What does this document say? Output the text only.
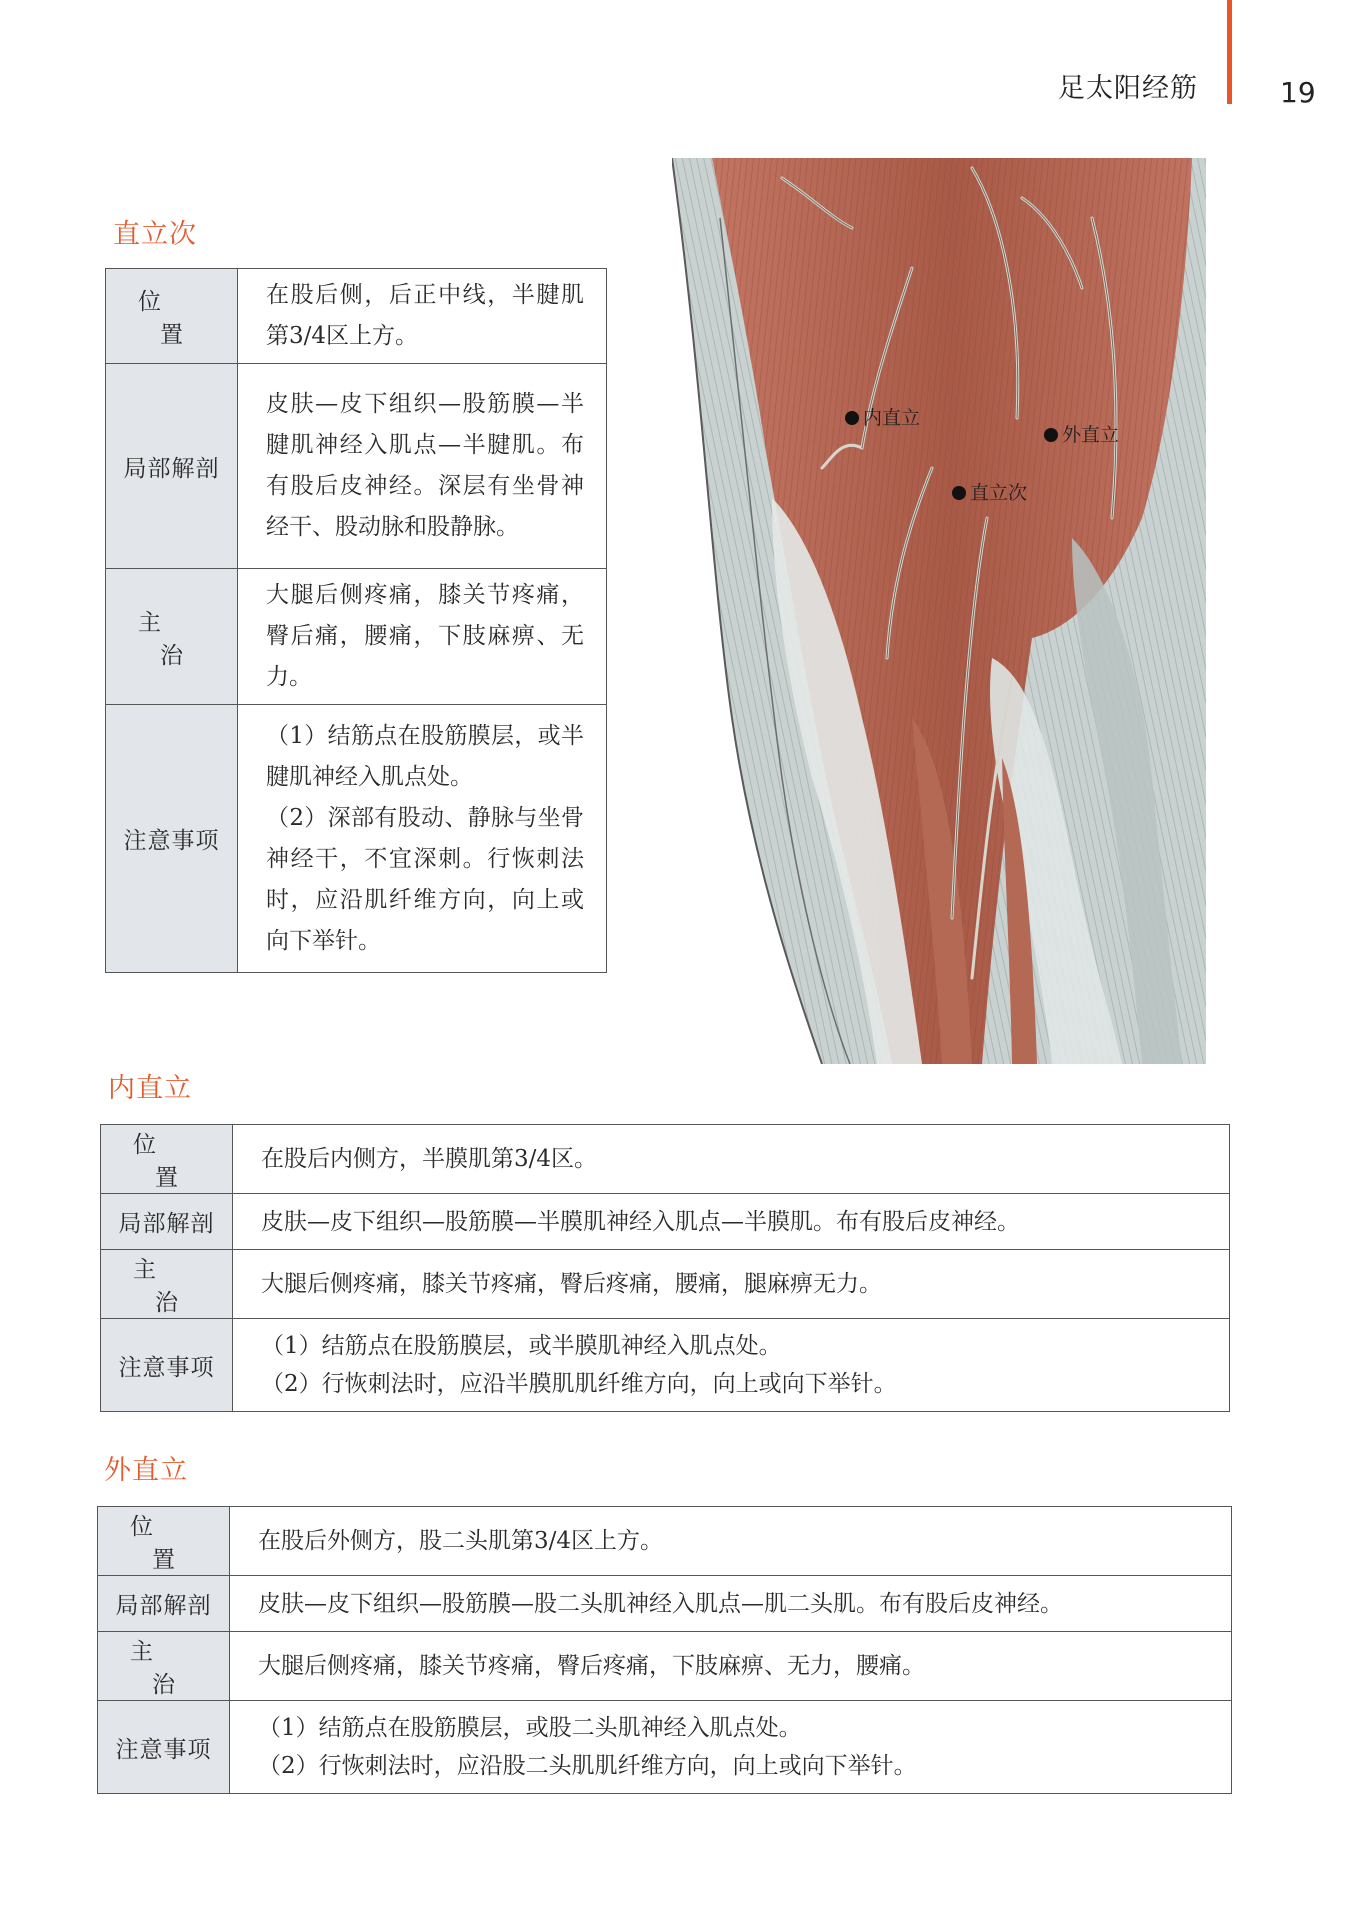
足太阳经筋	19
直立次
位置	在股后侧，后正中线，半腱肌第3/4区上方。
局部解剖	皮肤—皮下组织—股筋膜—半腱肌神经入肌点—半腱肌。布有股后皮神经。深层有坐骨神经干、股动脉和股静脉。
主治	大腿后侧疼痛，膝关节疼痛，臀后痛，腰痛，下肢麻痹、无力。
注意事项	（1）结筋点在股筋膜层，或半腱肌神经入肌点处。
（2）深部有股动、静脉与坐骨神经干，不宜深刺。行恢刺法时，应沿肌纤维方向，向上或向下举针。
内直立
外直立
直立次
内直立
位置	在股后内侧方，半膜肌第3/4区。
局部解剖	皮肤—皮下组织—股筋膜—半膜肌神经入肌点—半膜肌。布有股后皮神经。
主治	大腿后侧疼痛，膝关节疼痛，臀后疼痛，腰痛，腿麻痹无力。
注意事项	（1）结筋点在股筋膜层，或半膜肌神经入肌点处。
（2）行恢刺法时，应沿半膜肌肌纤维方向，向上或向下举针。
外直立
位置	在股后外侧方，股二头肌第3/4区上方。
局部解剖	皮肤—皮下组织—股筋膜—股二头肌神经入肌点—肌二头肌。布有股后皮神经。
主治	大腿后侧疼痛，膝关节疼痛，臀后疼痛，下肢麻痹、无力，腰痛。
注意事项	（1）结筋点在股筋膜层，或股二头肌神经入肌点处。
（2）行恢刺法时，应沿股二头肌肌纤维方向，向上或向下举针。
